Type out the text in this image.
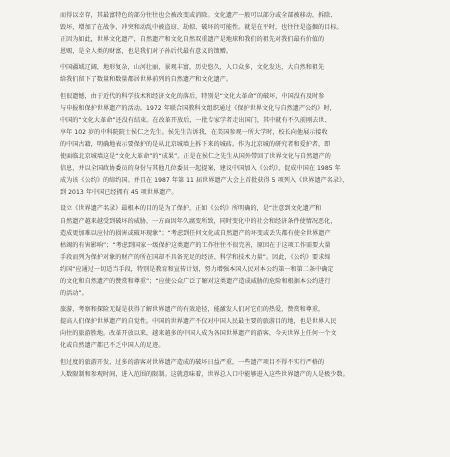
而得以幸存，其最富特色的部分往往也会被改变或消除。文化遗产一般可以部分或全部被移动、拆除、
毁坏，增加了在战争、冲突和动乱中被盗窃、劫掠、破坏的可能性。就是在平时，也往往是盗掘的目标。
正因为如此，世界文化遗产，自然遗产和文化自然双重遗产是地球和我们的祖先对我们最有价值的
恩赐，是全人类的财富，也是我们对子孙后代最有意义的馈赠。
中国疆域辽阔，地形复杂，山河壮丽，景观丰富，历史悠久，人口众多，文化发达，大自然和祖先
给我们留下了数量和数量都居世界前列的自然遗产和文化遗产。
但很遗憾，由于近代的科学技术和经济文化的落后，特别是“文化大革命”的破坏，中国没有及时参
与申报和保护世界遗产的活动。1972 年联合国教科文组织通过《保护世界文化与自然遗产公约》时，
中国的“文化大革命”还没有结束。在改革开放后，一批专家学者走出国门，其中就有不久前刚去世、
享年 102 岁的中科院院士侯仁之先生。侯先生告诉我，在美国参观一所大学时，校长向他展示接收
的中国古籍，明确地表示要保护的是从北京城墙上拆下来的城砖。作为北京城的研究者和爱护者，即
使面临北京城墙这是“文化大革命”的“成果”。正是在侯仁之先生从国外带回了世界文化与自然遗产的
信息，并以全国政协委员的身份与其他几位委员一起提案，建议中国加入《公约》，促成中国在 1985 年
成为该《公约》的缔约国。并且在 1987 年第 11 届世界遗产大会上首批获得 5 项列入《世界遗产名录》，
到 2013 年中国已经拥有 45 项世界遗产。
设立《世界遗产名录》最根本的目的是为了保护，正如《公约》所明确的，是“注意到文化遗产和
自然遗产越来越受到破坏的威胁，一方面因年久腐变所致，同时变化中的社会和经济条件使情况恶化，
造成更加难以应付的损害或破坏现象”；“考虑到任何文化或自然遗产的坏变或丢失都有使全世界遗产
枯竭的有害影响”；“考虑到国家一级保护这类遗产的工作往往不很完善，原因在于这项工作需要大量
手段而列为保护对象的财产的所在国却不具备充足的经济、科学和技术力量”。因此，《公约》要求缔
约国“应通过一切适当手段，特别是教育和宣传计划，努力增强本国人民对本公约第一和第二条中确定
的文化和自然遗产的赞赏和尊重”；“应使公众广泛了解对这类遗产造成威胁的危险和根据本公约进行
的活动”。
旅游，考察和探险无疑是获得了解世界遗产的有效途径，能激发人们对它们的热爱，赞赏和尊重，
提高人们保护世界遗产的自觉性。中国的世界遗产不仅对中国人民最主要的旅游目的地，也是世界人民
向往的旅游胜地。改革开放以来，越来越多的中国人成为各国世界遗产的游客，今天世界上任何一个文
化或自然遗产都已不乏中国人的足迹。
但过度的旅游开发，过多的游客对世界遗产造成的破坏日益严重，一些遗产项目不得不实行严格的
人数限制和参观时间，进入范围的限制。这就意味着，世界总人口中能够进入这些世界遗产的人是极少数。
